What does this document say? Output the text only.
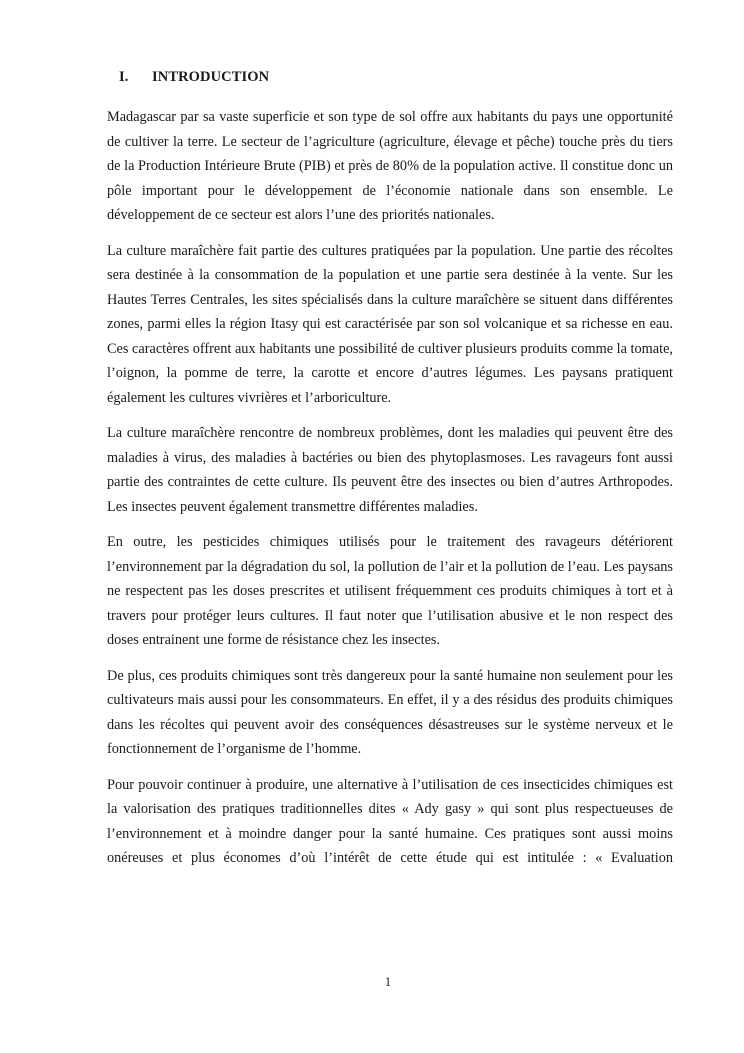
I. INTRODUCTION

Madagascar par sa vaste superficie et son type de sol offre aux habitants du pays une opportunité de cultiver la terre. Le secteur de l’agriculture (agriculture, élevage et pêche) touche près du tiers de la Production Intérieure Brute (PIB) et près de 80% de la population active. Il constitue donc un pôle important pour le développement de l’économie nationale dans son ensemble. Le développement de ce secteur est alors l’une des priorités nationales.

La culture maraîchère fait partie des cultures pratiquées par la population. Une partie des récoltes sera destinée à la consommation de la population et une partie sera destinée à la vente. Sur les Hautes Terres Centrales, les sites spécialisés dans la culture maraîchère se situent dans différentes zones, parmi elles la région Itasy qui est caractérisée par son sol volcanique et sa richesse en eau. Ces caractères offrent aux habitants une possibilité de cultiver plusieurs produits comme la tomate, l’oignon, la pomme de terre, la carotte et encore d’autres légumes. Les paysans pratiquent également les cultures vivrières et l’arboriculture.

La culture maraîchère rencontre de nombreux problèmes, dont les maladies qui peuvent être des maladies à virus, des maladies à bactéries ou bien des phytoplasmoses. Les ravageurs font aussi partie des contraintes de cette culture. Ils peuvent être des insectes ou bien d’autres Arthropodes. Les insectes peuvent également transmettre différentes maladies.

En outre, les pesticides chimiques utilisés pour le traitement des ravageurs détériorent l’environnement par la dégradation du sol, la pollution de l’air et la pollution de l’eau. Les paysans ne respectent pas les doses prescrites et utilisent fréquemment ces produits chimiques à tort et à travers pour protéger leurs cultures. Il faut noter que l’utilisation abusive et le non respect des doses entrainent une forme de résistance chez les insectes.

De plus, ces produits chimiques sont très dangereux pour la santé humaine non seulement pour les cultivateurs mais aussi pour les consommateurs. En effet, il y a des résidus des produits chimiques dans les récoltes qui peuvent avoir des conséquences désastreuses sur le système nerveux et le fonctionnement de l’organisme de l’homme.

Pour pouvoir continuer à produire, une alternative à l’utilisation de ces insecticides chimiques est la valorisation des pratiques traditionnelles dites « Ady gasy » qui sont plus respectueuses de l’environnement et à moindre danger pour la santé humaine. Ces pratiques sont aussi moins onéreuses et plus économes d’où l’intérêt de cette étude qui est intitulée : « Evaluation

1
